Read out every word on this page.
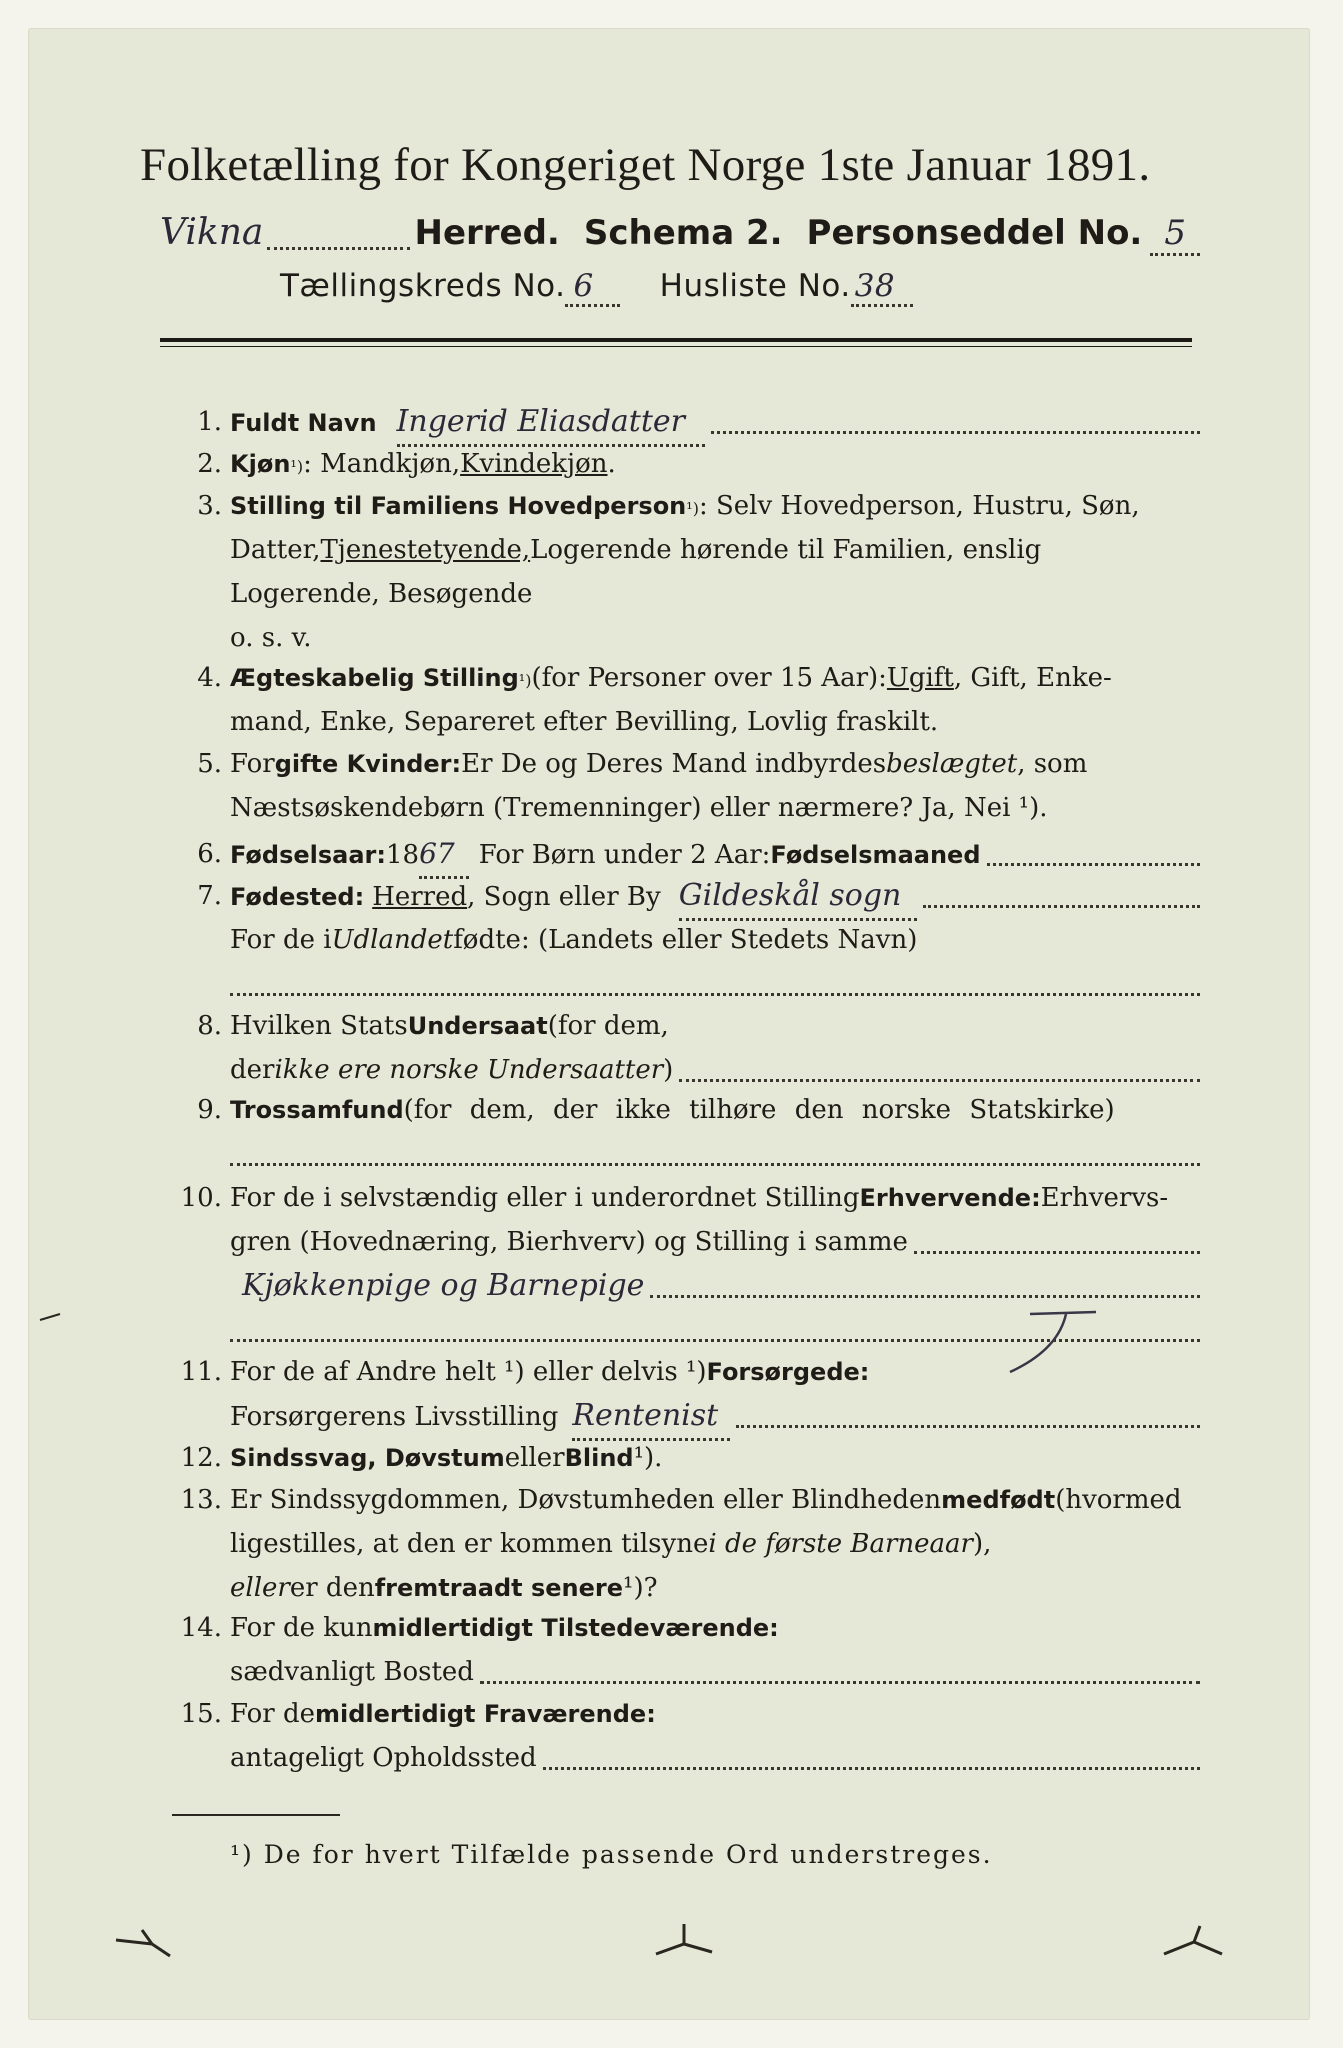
Folketælling for Kongeriget Norge 1ste Januar 1891.
Vikna	Herred. Schema 2. Personseddel No. 5
Tællingskreds No. 6	Husliste No. 38
1. Fuldt Navn Ingerid Eliasdatter
2. Kjøn ¹) : Mandkjøn, Kvindekjøn .
3. Stilling til Familiens Hovedperson ¹) : Selv Hovedperson, Hustru, Søn,
Datter, Tjenestetyende, Logerende hørende til Familien, enslig
Logerende, Besøgende
o. s. v.
4. Ægteskabelig Stilling ¹) (for Personer over 15 Aar): Ugift , Gift, Enke-
mand, Enke, Separeret efter Bevilling, Lovlig fraskilt.
5. For gifte Kvinder: Er De og Deres Mand indbyrdes beslægtet , som
Næstsøskendebørn (Tremenninger) eller nærmere? Ja, Nei ¹).
6. Fødselsaar: 18 67 For Børn under 2 Aar: Fødselsmaaned
7. Fødested: Herred , Sogn eller By Gildeskål sogn
For de i Udlandet fødte: (Landets eller Stedets Navn)
8. Hvilken Stats Undersaat (for dem,
der ikke ere norske Undersaatter )
9. Trossamfund (for dem, der ikke tilhøre den norske Statskirke)
10. For de i selvstændig eller i underordnet Stilling Erhvervende: Erhvervs-
gren (Hovednæring, Bierhverv) og Stilling i samme
Kjøkkenpige og Barnepige
11. For de af Andre helt ¹) eller delvis ¹) Forsørgede:
Forsørgerens Livsstilling Rentenist
12. Sindssvag, Døvstum eller Blind ¹).
13. Er Sindssygdommen, Døvstumheden eller Blindheden medfødt (hvormed
ligestilles, at den er kommen tilsyne i de første Barneaar ),
eller er den fremtraadt senere ¹)?
14. For de kun midlertidigt Tilstedeværende:
sædvanligt Bosted
15. For de midlertidigt Fraværende:
antageligt Opholdssted
¹) De for hvert Tilfælde passende Ord understreges.
